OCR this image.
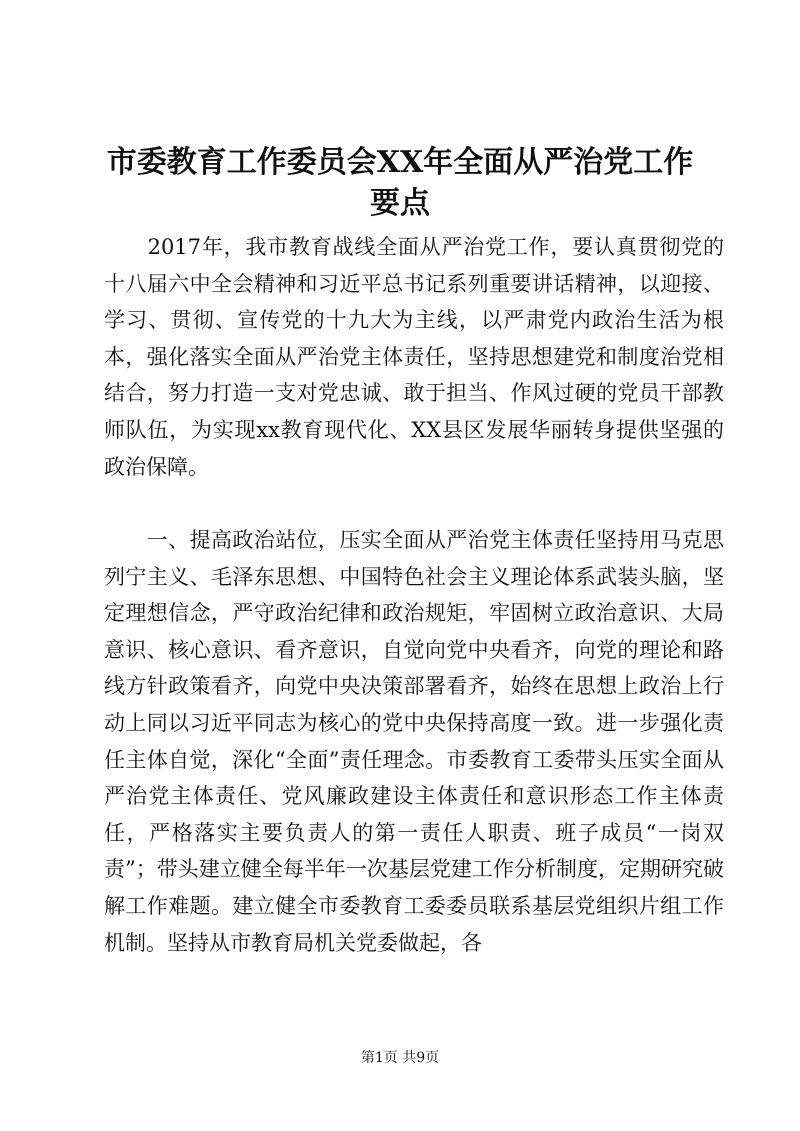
市委教育工作委员会XX年全面从严治党工作
要点

　　2017年，我市教育战线全面从严治党工作，要认真贯彻党的十八届六中全会精神和习近平总书记系列重要讲话精神，以迎接、学习、贯彻、宣传党的十九大为主线，以严肃党内政治生活为根本，强化落实全面从严治党主体责任，坚持思想建党和制度治党相结合，努力打造一支对党忠诚、敢于担当、作风过硬的党员干部教师队伍，为实现xx教育现代化、XX县区发展华丽转身提供坚强的政治保障。

　　一、提高政治站位，压实全面从严治党主体责任坚持用马克思列宁主义、毛泽东思想、中国特色社会主义理论体系武装头脑，坚定理想信念，严守政治纪律和政治规矩，牢固树立政治意识、大局意识、核心意识、看齐意识，自觉向党中央看齐，向党的理论和路线方针政策看齐，向党中央决策部署看齐，始终在思想上政治上行动上同以习近平同志为核心的党中央保持高度一致。进一步强化责任主体自觉，深化“全面”责任理念。市委教育工委带头压实全面从严治党主体责任、党风廉政建设主体责任和意识形态工作主体责任，严格落实主要负责人的第一责任人职责、班子成员“一岗双责”；带头建立健全每半年一次基层党建工作分析制度，定期研究破解工作难题。建立健全市委教育工委委员联系基层党组织片组工作机制。坚持从市教育局机关党委做起，各

第1页 共9页
